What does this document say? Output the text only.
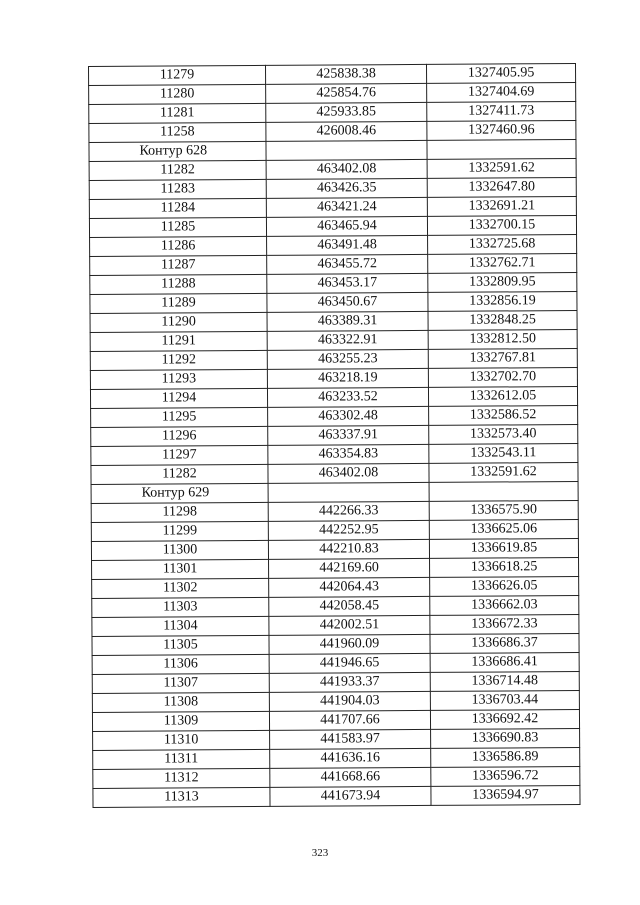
11279	425838.38	1327405.95
11280	425854.76	1327404.69
11281	425933.85	1327411.73
11258	426008.46	1327460.96
Контур 628		
11282	463402.08	1332591.62
11283	463426.35	1332647.80
11284	463421.24	1332691.21
11285	463465.94	1332700.15
11286	463491.48	1332725.68
11287	463455.72	1332762.71
11288	463453.17	1332809.95
11289	463450.67	1332856.19
11290	463389.31	1332848.25
11291	463322.91	1332812.50
11292	463255.23	1332767.81
11293	463218.19	1332702.70
11294	463233.52	1332612.05
11295	463302.48	1332586.52
11296	463337.91	1332573.40
11297	463354.83	1332543.11
11282	463402.08	1332591.62
Контур 629		
11298	442266.33	1336575.90
11299	442252.95	1336625.06
11300	442210.83	1336619.85
11301	442169.60	1336618.25
11302	442064.43	1336626.05
11303	442058.45	1336662.03
11304	442002.51	1336672.33
11305	441960.09	1336686.37
11306	441946.65	1336686.41
11307	441933.37	1336714.48
11308	441904.03	1336703.44
11309	441707.66	1336692.42
11310	441583.97	1336690.83
11311	441636.16	1336586.89
11312	441668.66	1336596.72
11313	441673.94	1336594.97
323
